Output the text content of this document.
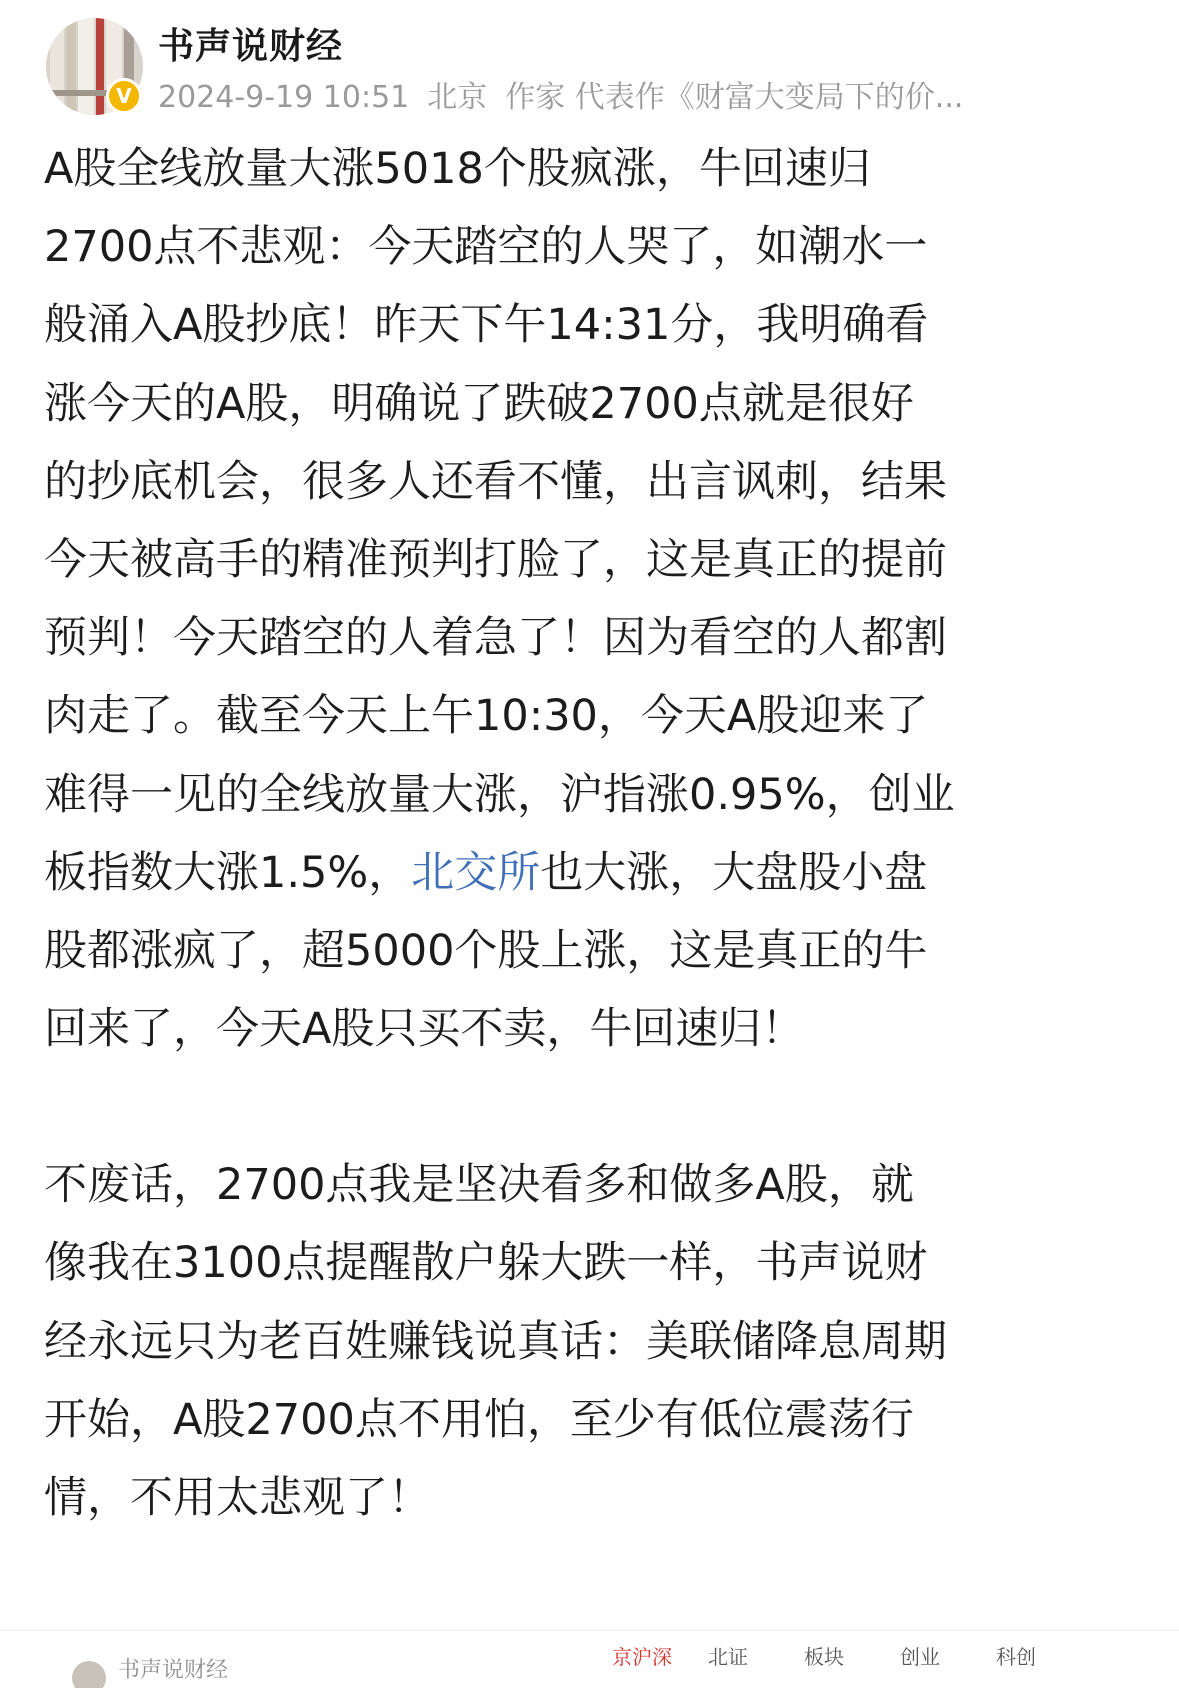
V
书声说财经
2024-9-19 10:51 北京 作家 代表作《财富大变局下的价...
A股全线放量大涨5018个股疯涨，牛回速归
2700点不悲观：今天踏空的人哭了，如潮水一
般涌入A股抄底！昨天下午14:31分，我明确看
涨今天的A股，明确说了跌破2700点就是很好
的抄底机会，很多人还看不懂，出言讽刺，结果
今天被高手的精准预判打脸了，这是真正的提前
预判！今天踏空的人着急了！因为看空的人都割
肉走了。截至今天上午10:30，今天A股迎来了
难得一见的全线放量大涨，沪指涨0.95%，创业
板指数大涨1.5%，北交所也大涨，大盘股小盘
股都涨疯了，超5000个股上涨，这是真正的牛
回来了，今天A股只买不卖，牛回速归！
不废话，2700点我是坚决看多和做多A股，就
像我在3100点提醒散户躲大跌一样，书声说财
经永远只为老百姓赚钱说真话：美联储降息周期
开始，A股2700点不用怕，至少有低位震荡行
情，不用太悲观了！
书声说财经
京沪深	北证	板块	创业	科创
